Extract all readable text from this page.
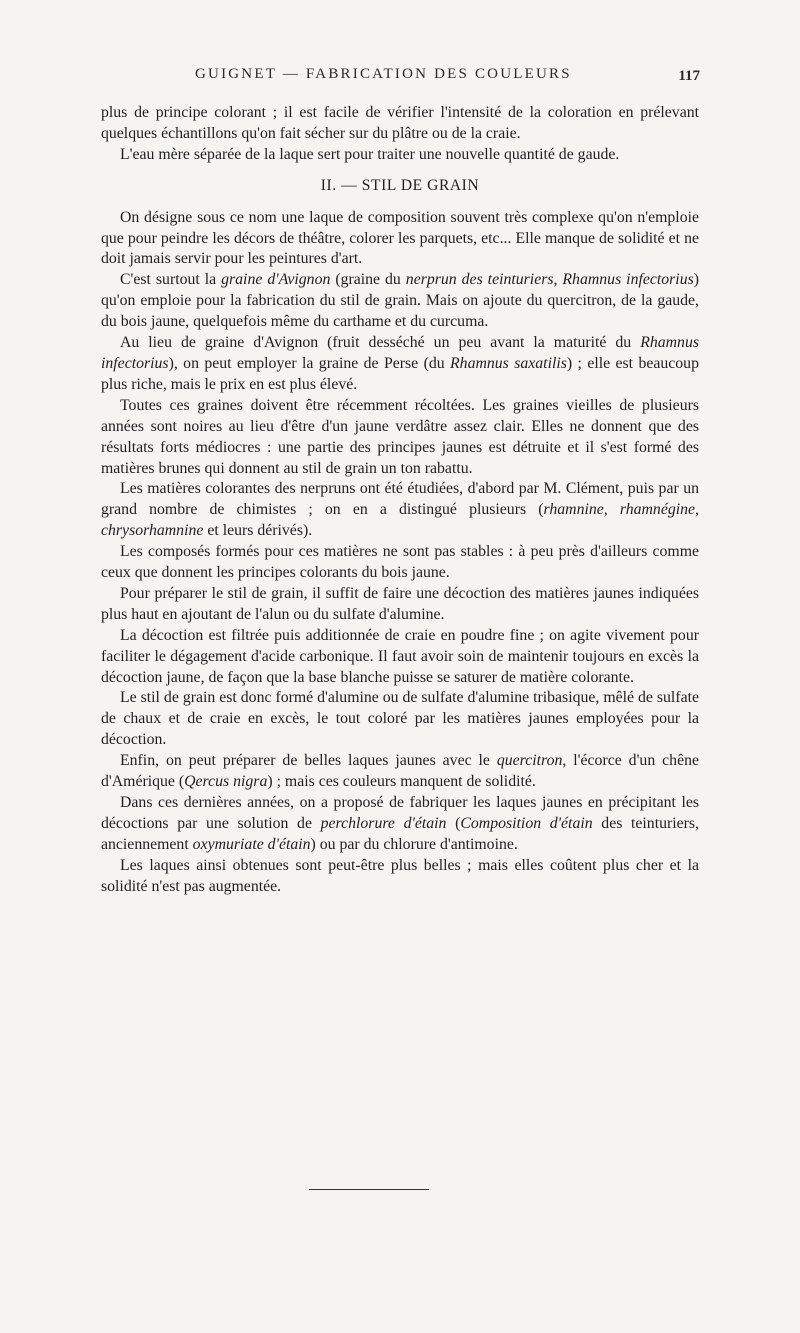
GUIGNET — FABRICATION DES COULEURS	117

plus de principe colorant ; il est facile de vérifier l'intensité de la coloration en prélevant quelques échantillons qu'on fait sécher sur du plâtre ou de la craie.

L'eau mère séparée de la laque sert pour traiter une nouvelle quantité de gaude.

II. — STIL DE GRAIN

On désigne sous ce nom une laque de composition souvent très complexe qu'on n'emploie que pour peindre les décors de théâtre, colorer les parquets, etc... Elle manque de solidité et ne doit jamais servir pour les peintures d'art.

C'est surtout la graine d'Avignon (graine du nerprun des teinturiers, Rhamnus infectorius) qu'on emploie pour la fabrication du stil de grain. Mais on ajoute du quercitron, de la gaude, du bois jaune, quelquefois même du carthame et du curcuma.

Au lieu de graine d'Avignon (fruit desséché un peu avant la maturité du Rhamnus infectorius), on peut employer la graine de Perse (du Rhamnus saxatilis) ; elle est beaucoup plus riche, mais le prix en est plus élevé.

Toutes ces graines doivent être récemment récoltées. Les graines vieilles de plusieurs années sont noires au lieu d'être d'un jaune verdâtre assez clair. Elles ne donnent que des résultats forts médiocres : une partie des principes jaunes est détruite et il s'est formé des matières brunes qui donnent au stil de grain un ton rabattu.

Les matières colorantes des nerpruns ont été étudiées, d'abord par M. Clément, puis par un grand nombre de chimistes ; on en a distingué plusieurs (rhamnine, rhamnégine, chrysorhamnine et leurs dérivés).

Les composés formés pour ces matières ne sont pas stables : à peu près d'ailleurs comme ceux que donnent les principes colorants du bois jaune.

Pour préparer le stil de grain, il suffit de faire une décoction des matières jaunes indiquées plus haut en ajoutant de l'alun ou du sulfate d'alumine.

La décoction est filtrée puis additionnée de craie en poudre fine ; on agite vivement pour faciliter le dégagement d'acide carbonique. Il faut avoir soin de maintenir toujours en excès la décoction jaune, de façon que la base blanche puisse se saturer de matière colorante.

Le stil de grain est donc formé d'alumine ou de sulfate d'alumine tribasique, mêlé de sulfate de chaux et de craie en excès, le tout coloré par les matières jaunes employées pour la décoction.

Enfin, on peut préparer de belles laques jaunes avec le quercitron, l'écorce d'un chêne d'Amérique (Qercus nigra) ; mais ces couleurs manquent de solidité.

Dans ces dernières années, on a proposé de fabriquer les laques jaunes en précipitant les décoctions par une solution de perchlorure d'étain (Composition d'étain des teinturiers, anciennement oxymuriate d'étain) ou par du chlorure d'antimoine.

Les laques ainsi obtenues sont peut-être plus belles ; mais elles coûtent plus cher et la solidité n'est pas augmentée.
